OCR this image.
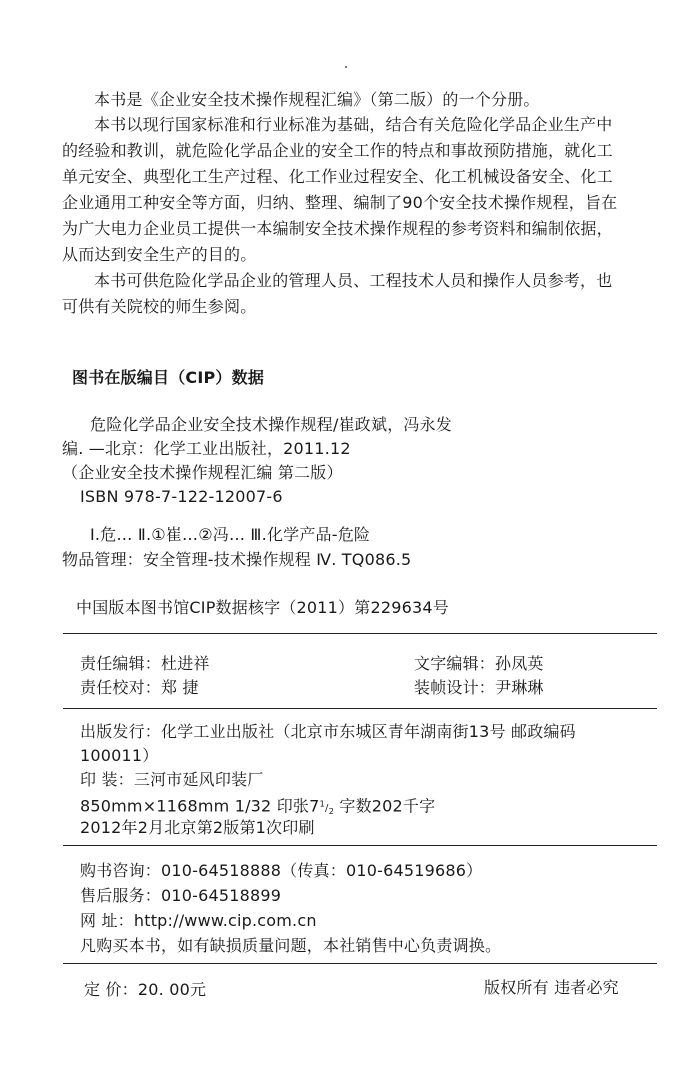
本书是《企业安全技术操作规程汇编》（第二版）的一个分册。
本书以现行国家标准和行业标准为基础，结合有关危险化学品企业生产中
的经验和教训，就危险化学品企业的安全工作的特点和事故预防措施，就化工
单元安全、典型化工生产过程、化工作业过程安全、化工机械设备安全、化工
企业通用工种安全等方面，归纳、整理、编制了90个安全技术操作规程，旨在
为广大电力企业员工提供一本编制安全技术操作规程的参考资料和编制依据，
从而达到安全生产的目的。
本书可供危险化学品企业的管理人员、工程技术人员和操作人员参考，也
可供有关院校的师生参阅。
图书在版编目（CIP）数据
危险化学品企业安全技术操作规程/崔政斌，冯永发
编. —北京：化学工业出版社，2011.12
（企业安全技术操作规程汇编 第二版）
ISBN 978-7-122-12007-6
Ⅰ.危… Ⅱ.①崔…②冯… Ⅲ.化学产品-危险
物品管理：安全管理-技术操作规程 Ⅳ. TQ086.5
中国版本图书馆CIP数据核字（2011）第229634号
责任编辑：杜进祥	文字编辑：孙凤英
责任校对：郑 捷	装帧设计：尹琳琳
出版发行：化学工业出版社（北京市东城区青年湖南街13号 邮政编码
100011）
印 装：三河市延风印装厂
850mm×1168mm 1/32 印张$7^1/_2$ 字数202千字
2012年2月北京第2版第1次印刷
购书咨询：010-64518888（传真：010-64519686）
售后服务：010-64518899
网 址：http://www.cip.com.cn
凡购买本书，如有缺损质量问题，本社销售中心负责调换。
定 价：20. 00元	版权所有 违者必究
